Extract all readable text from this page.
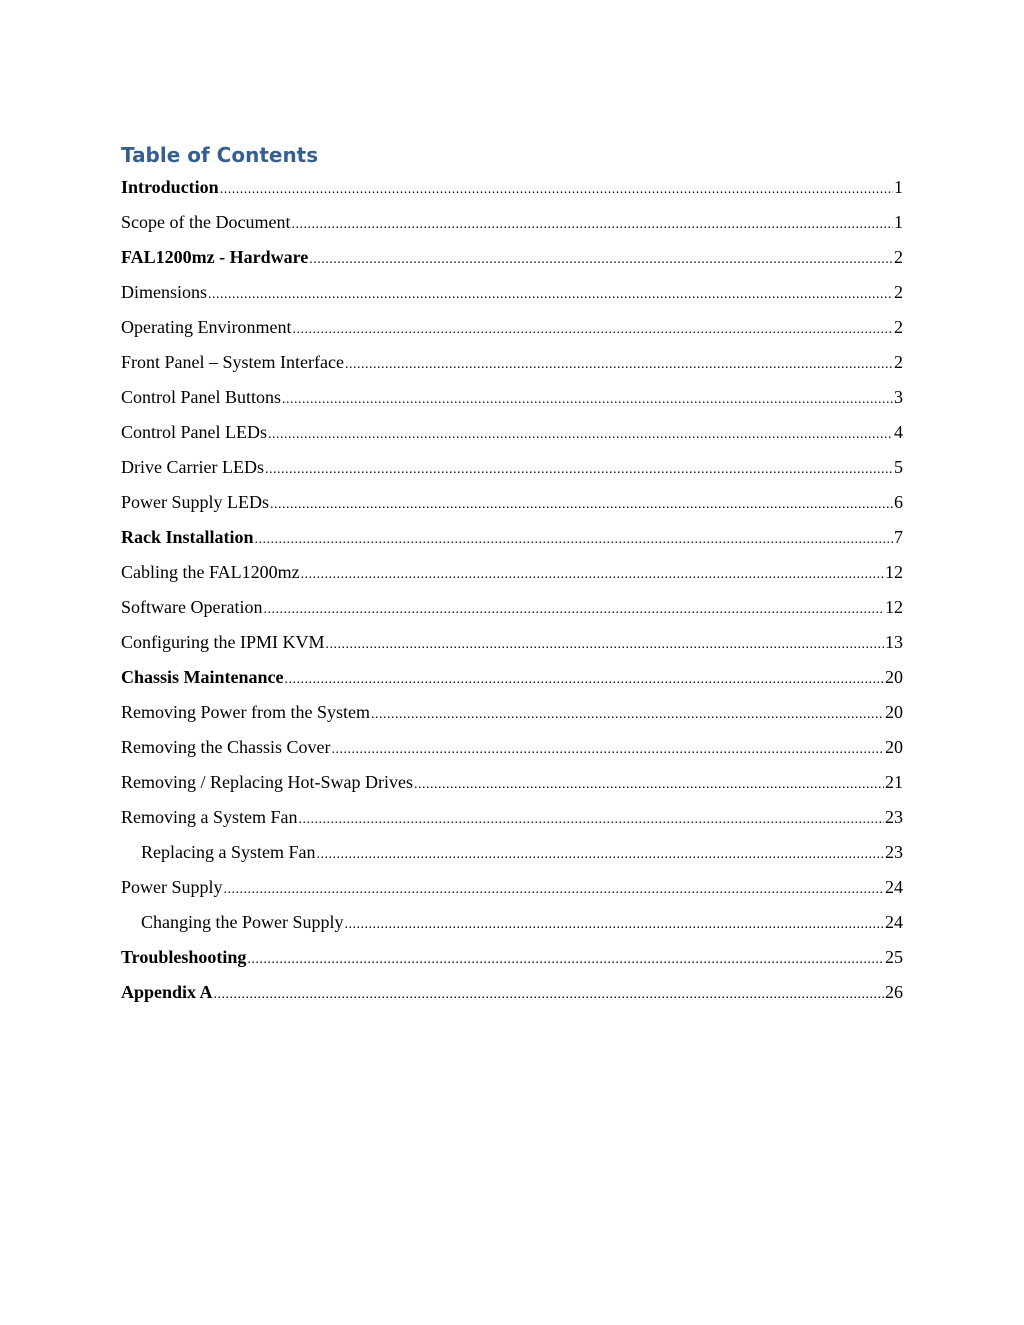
Table of Contents
Introduction .....	1
Scope of the Document .....	1
FAL1200mz - Hardware .....	2
Dimensions .....	2
Operating Environment .....	2
Front Panel – System Interface .....	2
Control Panel Buttons .....	3
Control Panel LEDs .....	4
Drive Carrier LEDs .....	5
Power Supply LEDs .....	6
Rack Installation .....	7
Cabling the FAL1200mz .....	12
Software Operation .....	12
Configuring the IPMI KVM .....	13
Chassis Maintenance .....	20
Removing Power from the System .....	20
Removing the Chassis Cover .....	20
Removing / Replacing Hot-Swap Drives .....	21
Removing a System Fan .....	23
Replacing a System Fan .....	23
Power Supply .....	24
Changing the Power Supply .....	24
Troubleshooting .....	25
Appendix A .....	26
